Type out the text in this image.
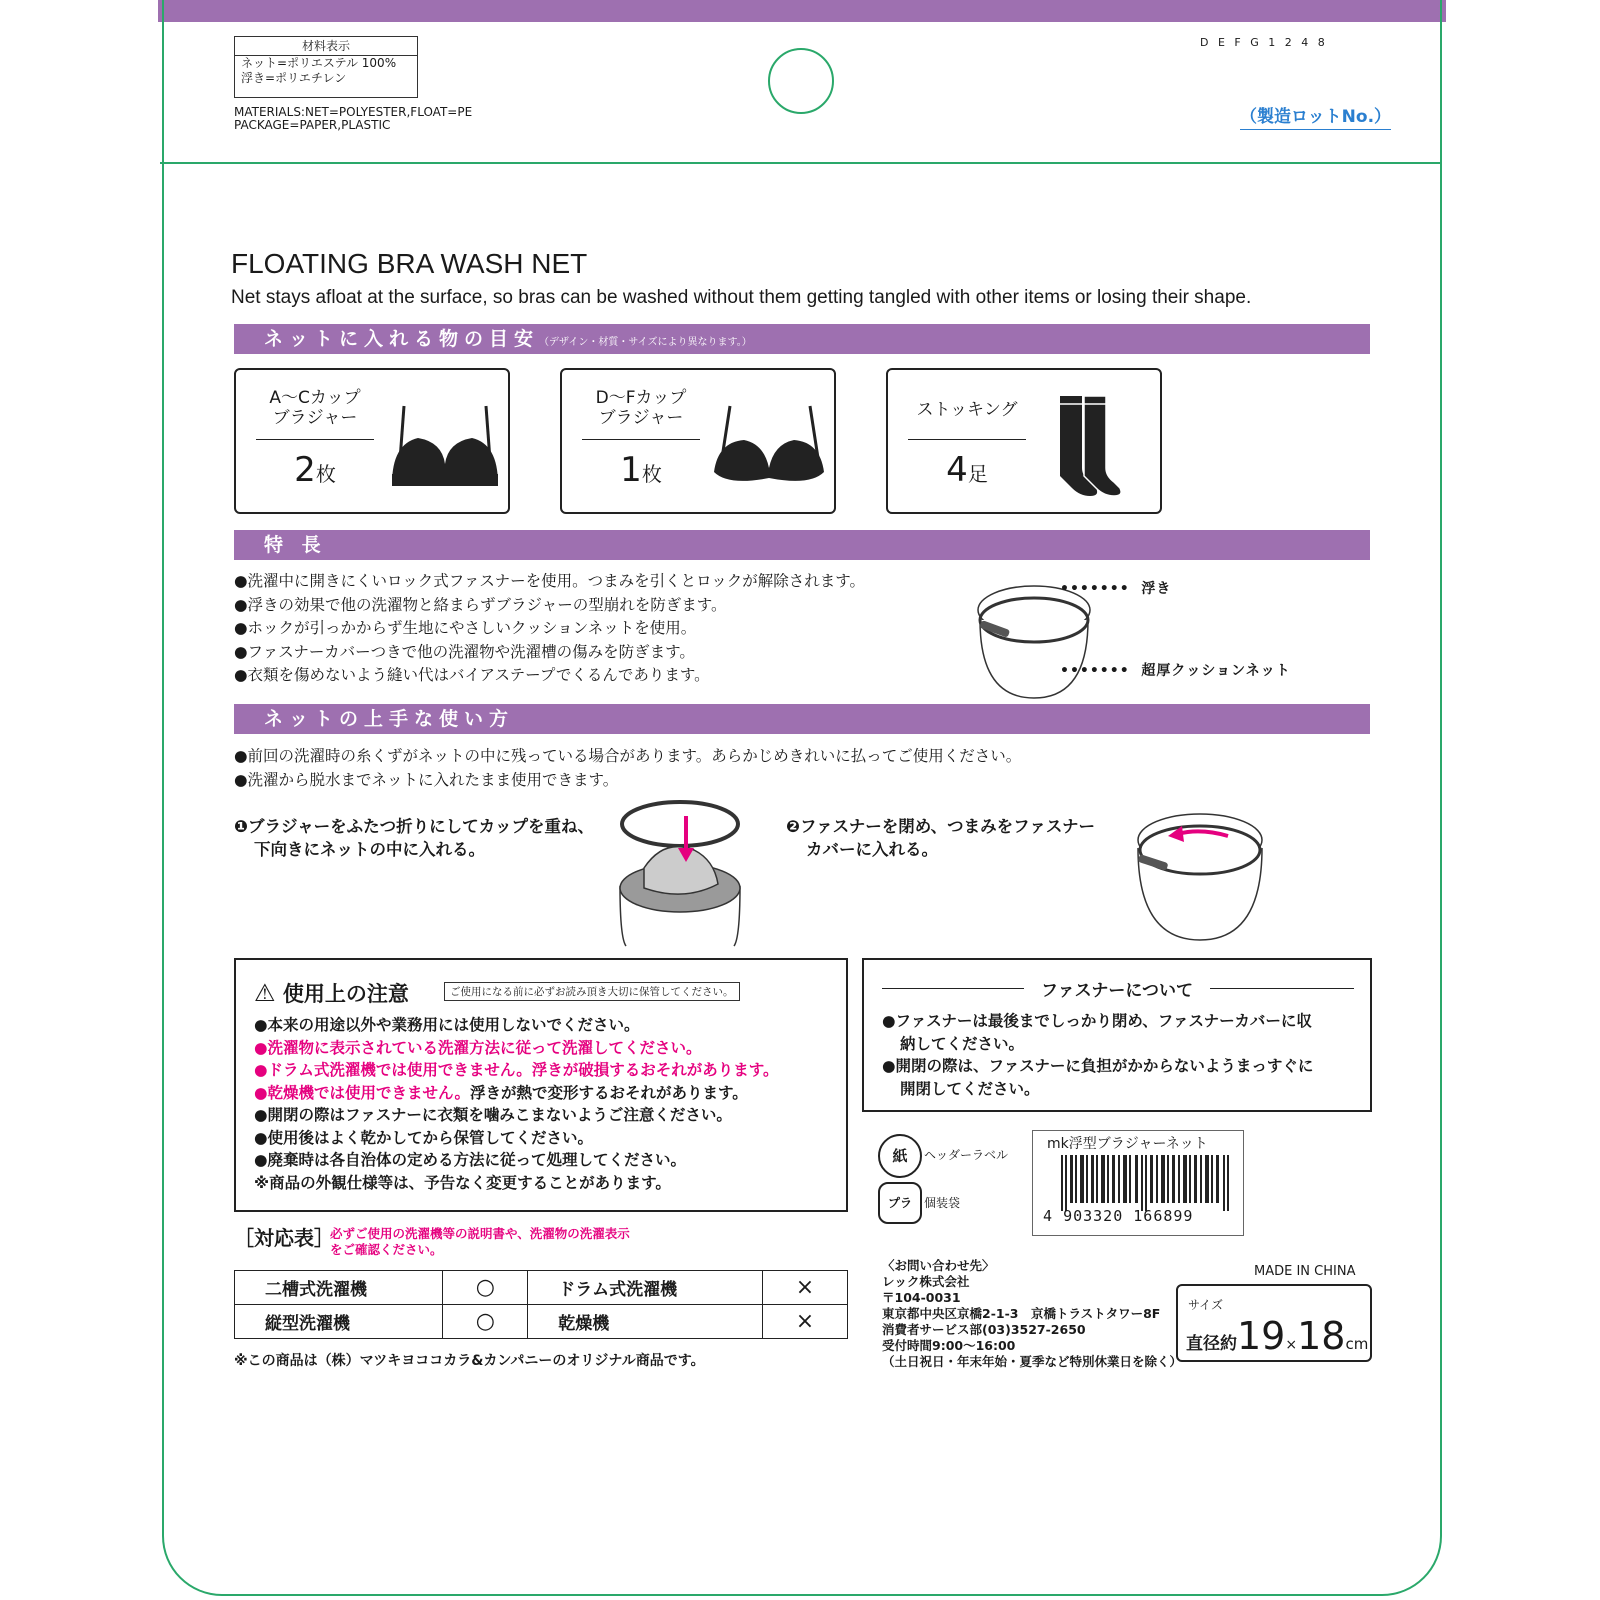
材料表示
ネット=ポリエステル 100%
浮き=ポリエチレン
MATERIALS:NET=POLYESTER,FLOAT=PE
PACKAGE=PAPER,PLASTIC
D E F G 1 2 4 8
（製造ロットNo.）
FLOATING BRA WASH NET
Net stays afloat at the surface, so bras can be washed without them getting tangled with other items or losing their shape.
ネットに入れる物の目安（デザイン・材質・サイズにより異なります。）
A～Cカップ
ブラジャー
2枚
D～Fカップ
ブラジャー
1枚
ストッキング
4足
特 長
●洗濯中に開きにくいロック式ファスナーを使用。つまみを引くとロックが解除されます。
●浮きの効果で他の洗濯物と絡まらずブラジャーの型崩れを防ぎます。
●ホックが引っかからず生地にやさしいクッションネットを使用。
●ファスナーカバーつきで他の洗濯物や洗濯槽の傷みを防ぎます。
●衣類を傷めないよう縫い代はバイアステープでくるんであります。
•••••••  浮き
•••••••  超厚クッションネット
ネットの上手な使い方
●前回の洗濯時の糸くずがネットの中に残っている場合があります。あらかじめきれいに払ってご使用ください。
●洗濯から脱水までネットに入れたまま使用できます。
❶ブラジャーをふたつ折りにしてカップを重ね、
下向きにネットの中に入れる。
❷ファスナーを閉め、つまみをファスナー
カバーに入れる。
⚠ 使用上の注意	ご使用になる前に必ずお読み頂き大切に保管してください。
●本来の用途以外や業務用には使用しないでください。
●洗濯物に表示されている洗濯方法に従って洗濯してください。
●ドラム式洗濯機では使用できません。浮きが破損するおそれがあります。
●乾燥機では使用できません。浮きが熱で変形するおそれがあります。
●開閉の際はファスナーに衣類を噛みこまないようご注意ください。
●使用後はよく乾かしてから保管してください。
●廃棄時は各自治体の定める方法に従って処理してください。
※商品の外観仕様等は、予告なく変更することがあります。
ファスナーについて
●ファスナーは最後までしっかり閉め、ファスナーカバーに収
納してください。
●開閉の際は、ファスナーに負担がかからないようまっすぐに
開閉してください。
紙	ヘッダーラベル
プラ	個装袋
mk浮型ブラジャーネット
4 903320 166899
［対応表］
必ずご使用の洗濯機等の説明書や、洗濯物の洗濯表示
をご確認ください。
二槽式洗濯機	○	ドラム式洗濯機	×
縦型洗濯機	○	乾燥機	×
※この商品は（株）マツキヨココカラ&カンパニーのオリジナル商品です。
〈お問い合わせ先〉
レック株式会社
〒104-0031
東京都中央区京橋2-1-3　京橋トラストタワー8F
消費者サービス部(03)3527-2650
受付時間9:00～16:00
（土日祝日・年末年始・夏季など特別休業日を除く）
MADE IN CHINA
サイズ
直径約19×18cm
